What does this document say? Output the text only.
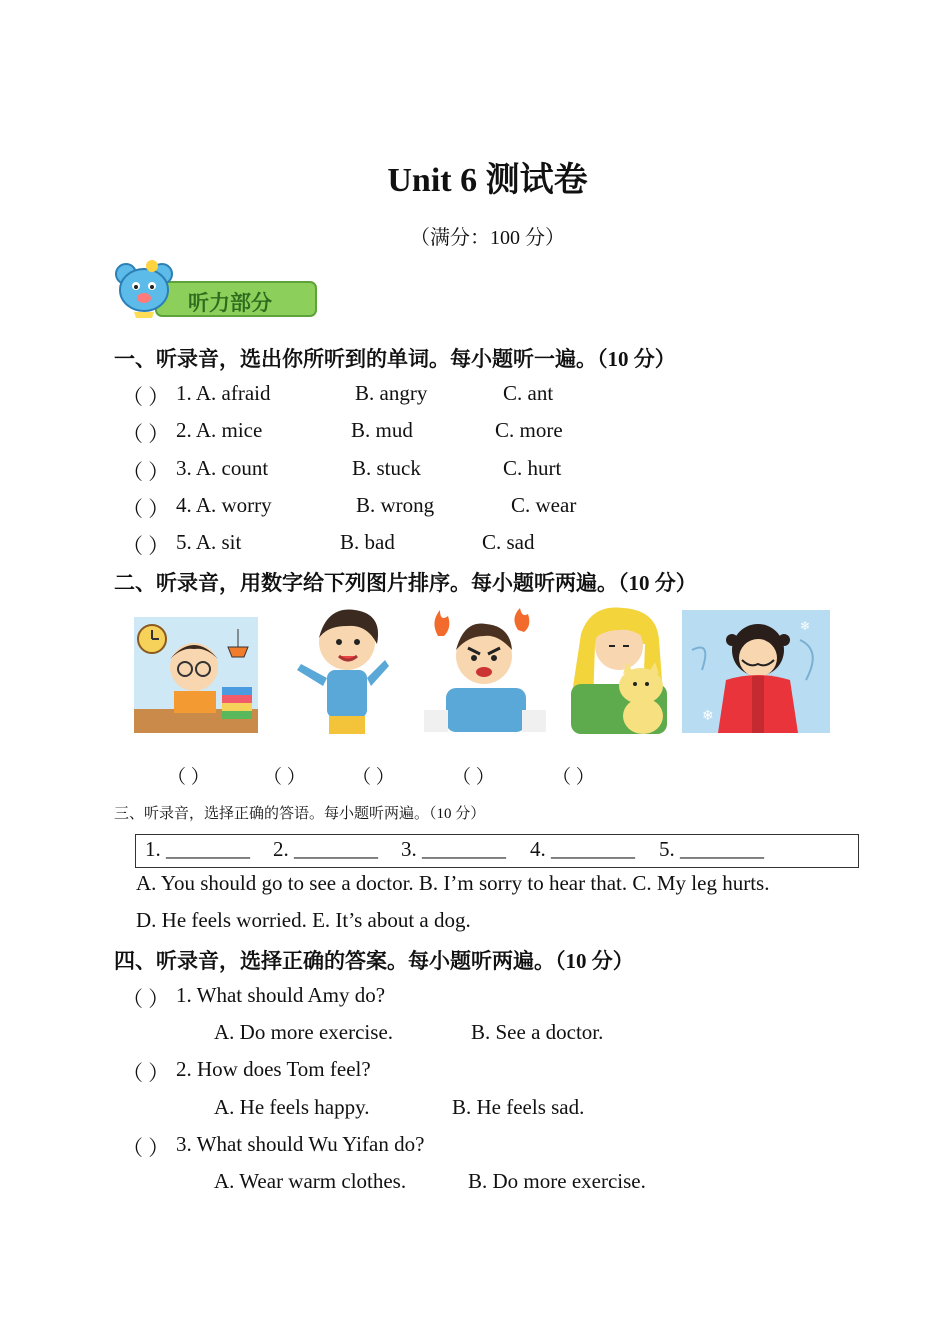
Unit 6 测试卷
（满分：100 分）
听力部分
一、听录音，选出你所听到的单词。每小题听一遍。（10 分）
（ ） 1. A. afraid	B. angry	C. ant
（ ） 2. A. mice	B. mud	C. more
（ ） 3. A. count	B. stuck	C. hurt
（ ） 4. A. worry	B. wrong	C. wear
（ ） 5. A. sit	B. bad	C. sad
二、听录音，用数字给下列图片排序。每小题听两遍。（10 分）
❄
❄
（ ）	（ ） （ ）	（ ）	（ ）
三、听录音，选择正确的答语。每小题听两遍。（10 分）
1. ________ 2. ________ 3. ________ 4. ________ 5. ________
A. You should go to see a doctor. B. I’m sorry to hear that. C. My leg hurts.
D. He feels worried. E. It’s about a dog.
四、听录音，选择正确的答案。每小题听两遍。（10 分）
（ ） 1. What should Amy do?
A. Do more exercise.	B. See a doctor.
（ ） 2. How does Tom feel?
A. He feels happy.	B. He feels sad.
（ ） 3. What should Wu Yifan do?
A. Wear warm clothes.	B. Do more exercise.
